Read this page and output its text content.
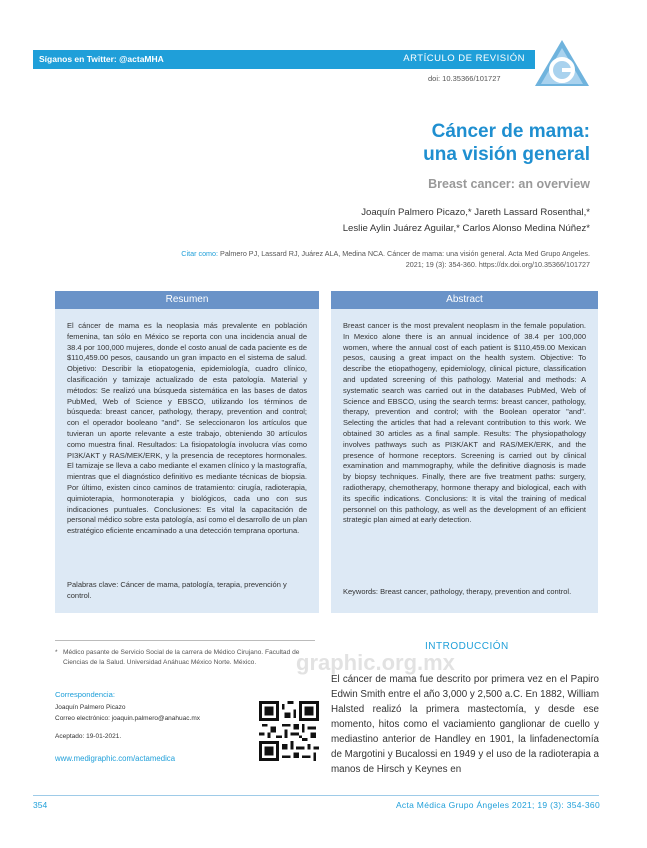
Síganos en Twitter: @actaMHA	ARTÍCULO DE REVISIÓN
doi: 10.35366/101727
Cáncer de mama:
una visión general
Breast cancer: an overview
Joaquín Palmero Picazo,* Jareth Lassard Rosenthal,*
Leslie Aylin Juárez Aguilar,* Carlos Alonso Medina Núñez*
Citar como: Palmero PJ, Lassard RJ, Juárez ALA, Medina NCA. Cáncer de mama: una visión general. Acta Med Grupo Angeles. 2021; 19 (3): 354-360. https://dx.doi.org/10.35366/101727
Resumen
El cáncer de mama es la neoplasia más prevalente en población femenina, tan sólo en México se reporta con una incidencia anual de 38.4 por 100,000 mujeres, donde el costo anual de cada paciente es de $110,459.00 pesos, causando un gran impacto en el sistema de salud. Objetivo: Describir la etiopatogenia, epidemiología, cuadro clínico, clasificación y tamizaje actualizado de esta patología. Material y métodos: Se realizó una búsqueda sistemática en las bases de datos PubMed, Web of Science y EBSCO, utilizando los términos de búsqueda: breast cancer, pathology, therapy, prevention and control; con el operador booleano "and". Se seleccionaron los artículos que tuvieran un aporte relevante a este trabajo, obteniendo 30 artículos como muestra final. Resultados: La fisiopatología involucra vías como PI3K/AKT y RAS/MEK/ERK, y la presencia de receptores hormonales. El tamizaje se lleva a cabo mediante el examen clínico y la mastografía, mientras que el diagnóstico definitivo es mediante técnicas de biopsia. Por último, existen cinco caminos de tratamiento: cirugía, radioterapia, quimioterapia, hormonoterapia y biológicos, cada uno con sus indicaciones puntuales. Conclusiones: Es vital la capacitación de personal médico sobre esta patología, así como el desarrollo de un plan estratégico eficiente encaminado a una detección temprana oportuna.
Palabras clave: Cáncer de mama, patología, terapia, prevención y control.
Abstract
Breast cancer is the most prevalent neoplasm in the female population. In Mexico alone there is an annual incidence of 38.4 per 100,000 women, where the annual cost of each patient is $110,459.00 Mexican pesos, causing a great impact on the health system. Objective: To describe the etiopathogeny, epidemiology, clinical picture, classification and updated screening of this pathology. Material and methods: A systematic search was carried out in the databases PubMed, Web of Science and EBSCO, using the search terms: breast cancer, pathology, therapy, prevention and control; with the Boolean operator "and". Selecting the articles that had a relevant contribution to this work. We obtained 30 articles as a final sample. Results: The physiopathology involves pathways such as PI3K/AKT and RAS/MEK/ERK, and the presence of hormone receptors. Screening is carried out by clinical examination and mammography, while the definitive diagnosis is made by biopsy techniques. Finally, there are five treatment paths: surgery, radiotherapy, chemotherapy, hormone therapy and biological, each with its specific indications. Conclusions: It is vital the training of medical personnel on this pathology, as well as the development of an efficient strategic plan aimed at early detection.
Keywords: Breast cancer, pathology, therapy, prevention and control.
* Médico pasante de Servicio Social de la carrera de Médico Cirujano. Facultad de Ciencias de la Salud. Universidad Anáhuac México Norte. México.
Correspondencia:
Joaquín Palmero Picazo
Correo electrónico: joaquin.palmero@anahuac.mx
Aceptado: 19-01-2021.
www.medigraphic.com/actamedica
graphic.org.mx
INTRODUCCIÓN
El cáncer de mama fue descrito por primera vez en el Papiro Edwin Smith entre el año 3,000 y 2,500 a.C. En 1882, William Halsted realizó la primera mastectomía, y desde ese momento, hitos como el vaciamiento ganglionar de cuello y mediastino anterior de Handley en 1901, la linfadenectomía de Margotini y Bucalossi en 1949 y el uso de la radioterapia a manos de Hirsch y Keynes en
354	Acta Médica Grupo Ángeles 2021; 19 (3): 354-360
